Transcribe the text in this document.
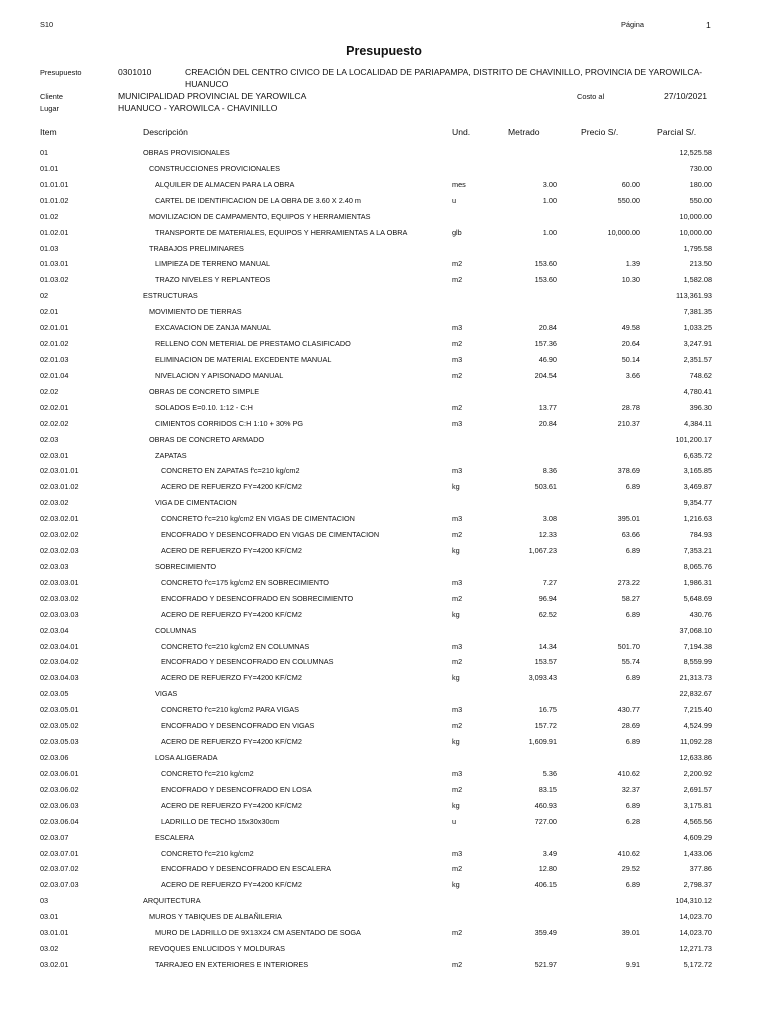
S10	Página	1
Presupuesto
Presupuesto	0301010	CREACIÓN DEL CENTRO CIVICO DE LA LOCALIDAD DE PARIAPAMPA, DISTRITO DE CHAVINILLO, PROVINCIA DE YAROWILCA-
HUANUCO
Cliente	MUNICIPALIDAD PROVINCIAL DE YAROWILCA	Costo al	27/10/2021
Lugar	HUANUCO - YAROWILCA - CHAVINILLO
Item	Descripción	Und.	Metrado	Precio S/.	Parcial S/.
01	OBRAS PROVISIONALES	12,525.58
01.01	CONSTRUCCIONES PROVICIONALES	730.00
01.01.01	ALQUILER DE ALMACEN PARA LA OBRA	mes	3.00	60.00	180.00
01.01.02	CARTEL DE IDENTIFICACION DE LA OBRA DE 3.60 X 2.40 m	u	1.00	550.00	550.00
01.02	MOVILIZACION DE CAMPAMENTO, EQUIPOS Y HERRAMIENTAS	10,000.00
01.02.01	TRANSPORTE DE MATERIALES, EQUIPOS Y HERRAMIENTAS A LA OBRA	glb	1.00	10,000.00	10,000.00
01.03	TRABAJOS PRELIMINARES	1,795.58
01.03.01	LIMPIEZA DE TERRENO MANUAL	m2	153.60	1.39	213.50
01.03.02	TRAZO NIVELES Y REPLANTEOS	m2	153.60	10.30	1,582.08
02	ESTRUCTURAS	113,361.93
02.01	MOVIMIENTO DE TIERRAS	7,381.35
02.01.01	EXCAVACION DE ZANJA MANUAL	m3	20.84	49.58	1,033.25
02.01.02	RELLENO CON METERIAL DE PRESTAMO CLASIFICADO	m2	157.36	20.64	3,247.91
02.01.03	ELIMINACION DE MATERIAL EXCEDENTE MANUAL	m3	46.90	50.14	2,351.57
02.01.04	NIVELACION Y APISONADO MANUAL	m2	204.54	3.66	748.62
02.02	OBRAS DE CONCRETO SIMPLE	4,780.41
02.02.01	SOLADOS E=0.10. 1:12 - C:H	m2	13.77	28.78	396.30
02.02.02	CIMIENTOS CORRIDOS C:H 1:10 + 30% PG	m3	20.84	210.37	4,384.11
02.03	OBRAS DE CONCRETO ARMADO	101,200.17
02.03.01	ZAPATAS	6,635.72
02.03.01.01	CONCRETO EN ZAPATAS f'c=210 kg/cm2	m3	8.36	378.69	3,165.85
02.03.01.02	ACERO DE REFUERZO FY=4200 KF/CM2	kg	503.61	6.89	3,469.87
02.03.02	VIGA DE CIMENTACION	9,354.77
02.03.02.01	CONCRETO f'c=210 kg/cm2 EN VIGAS DE CIMENTACION	m3	3.08	395.01	1,216.63
02.03.02.02	ENCOFRADO Y DESENCOFRADO EN VIGAS DE CIMENTACION	m2	12.33	63.66	784.93
02.03.02.03	ACERO DE REFUERZO FY=4200 KF/CM2	kg	1,067.23	6.89	7,353.21
02.03.03	SOBRECIMIENTO	8,065.76
02.03.03.01	CONCRETO f'c=175 kg/cm2 EN SOBRECIMIENTO	m3	7.27	273.22	1,986.31
02.03.03.02	ENCOFRADO Y DESENCOFRADO EN SOBRECIMIENTO	m2	96.94	58.27	5,648.69
02.03.03.03	ACERO DE REFUERZO FY=4200 KF/CM2	kg	62.52	6.89	430.76
02.03.04	COLUMNAS	37,068.10
02.03.04.01	CONCRETO f'c=210 kg/cm2 EN COLUMNAS	m3	14.34	501.70	7,194.38
02.03.04.02	ENCOFRADO Y DESENCOFRADO EN COLUMNAS	m2	153.57	55.74	8,559.99
02.03.04.03	ACERO DE REFUERZO FY=4200 KF/CM2	kg	3,093.43	6.89	21,313.73
02.03.05	VIGAS	22,832.67
02.03.05.01	CONCRETO f'c=210 kg/cm2 PARA VIGAS	m3	16.75	430.77	7,215.40
02.03.05.02	ENCOFRADO Y DESENCOFRADO EN VIGAS	m2	157.72	28.69	4,524.99
02.03.05.03	ACERO DE REFUERZO FY=4200 KF/CM2	kg	1,609.91	6.89	11,092.28
02.03.06	LOSA ALIGERADA	12,633.86
02.03.06.01	CONCRETO f'c=210 kg/cm2	m3	5.36	410.62	2,200.92
02.03.06.02	ENCOFRADO Y DESENCOFRADO EN LOSA	m2	83.15	32.37	2,691.57
02.03.06.03	ACERO DE REFUERZO FY=4200 KF/CM2	kg	460.93	6.89	3,175.81
02.03.06.04	LADRILLO DE TECHO 15x30x30cm	u	727.00	6.28	4,565.56
02.03.07	ESCALERA	4,609.29
02.03.07.01	CONCRETO f'c=210 kg/cm2	m3	3.49	410.62	1,433.06
02.03.07.02	ENCOFRADO Y DESENCOFRADO EN ESCALERA	m2	12.80	29.52	377.86
02.03.07.03	ACERO DE REFUERZO FY=4200 KF/CM2	kg	406.15	6.89	2,798.37
03	ARQUITECTURA	104,310.12
03.01	MUROS Y TABIQUES DE ALBAÑILERIA	14,023.70
03.01.01	MURO DE LADRILLO DE 9X13X24 CM ASENTADO DE SOGA	m2	359.49	39.01	14,023.70
03.02	REVOQUES ENLUCIDOS Y MOLDURAS	12,271.73
03.02.01	TARRAJEO EN EXTERIORES E INTERIORES	m2	521.97	9.91	5,172.72
